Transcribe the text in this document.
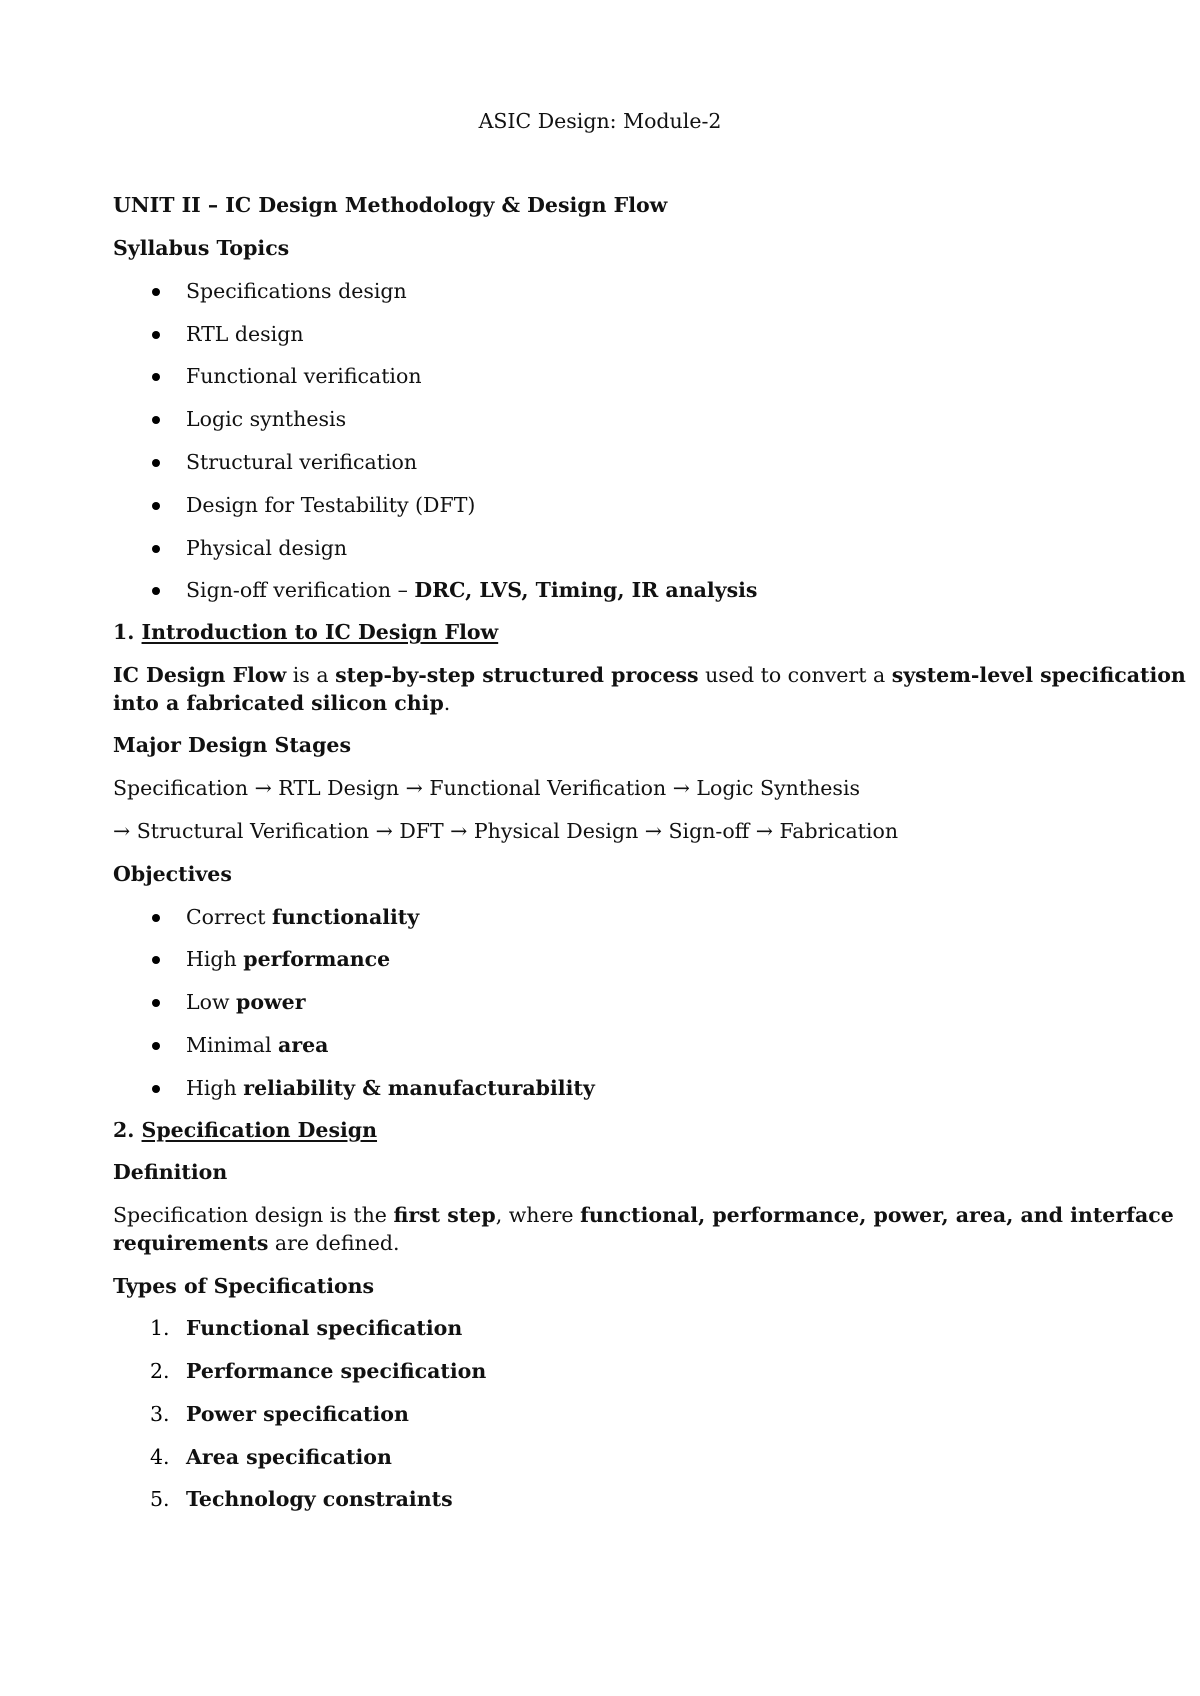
ASIC Design: Module-2
UNIT II – IC Design Methodology & Design Flow
Syllabus Topics
Specifications design
RTL design
Functional verification
Logic synthesis
Structural verification
Design for Testability (DFT)
Physical design
Sign-off verification – DRC, LVS, Timing, IR analysis
1. Introduction to IC Design Flow
IC Design Flow is a step-by-step structured process used to convert a system-level specification
into a fabricated silicon chip.
Major Design Stages
Specification → RTL Design → Functional Verification → Logic Synthesis
→ Structural Verification → DFT → Physical Design → Sign-off → Fabrication
Objectives
Correct functionality
High performance
Low power
Minimal area
High reliability & manufacturability
2. Specification Design
Definition
Specification design is the first step, where functional, performance, power, area, and interface
requirements are defined.
Types of Specifications
1. Functional specification
2. Performance specification
3. Power specification
4. Area specification
5. Technology constraints
